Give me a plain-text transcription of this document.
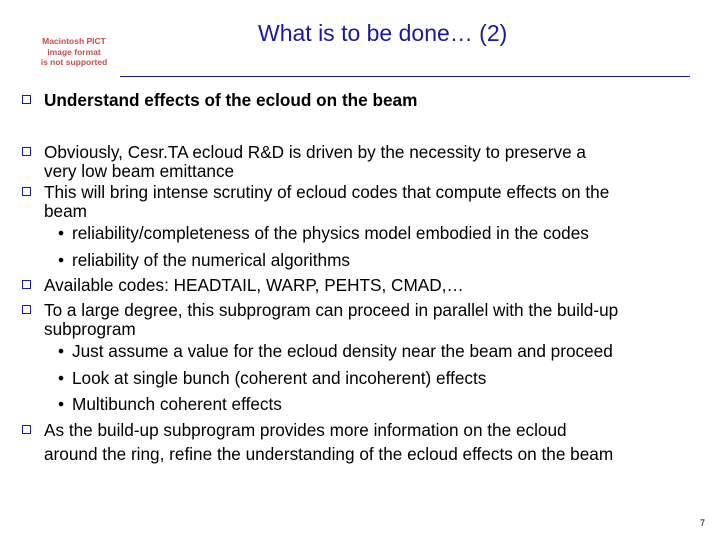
Macintosh PICT
image format
is not supported
What is to be done… (2)
Understand effects of the ecloud on the beam
Obviously, Cesr.TA ecloud R&D is driven by the necessity to preserve a
very low beam emittance
This will bring intense scrutiny of ecloud codes that compute effects on the
beam
• reliability/completeness of the physics model embodied in the codes
• reliability of the numerical algorithms
Available codes: HEADTAIL, WARP, PEHTS, CMAD,…
To a large degree, this subprogram can proceed in parallel with the build-up
subprogram
• Just assume a value for the ecloud density near the beam and proceed
• Look at single bunch (coherent and incoherent) effects
• Multibunch coherent effects
As the build-up subprogram provides more information on the ecloud
around the ring, refine the understanding of the ecloud effects on the beam
7
